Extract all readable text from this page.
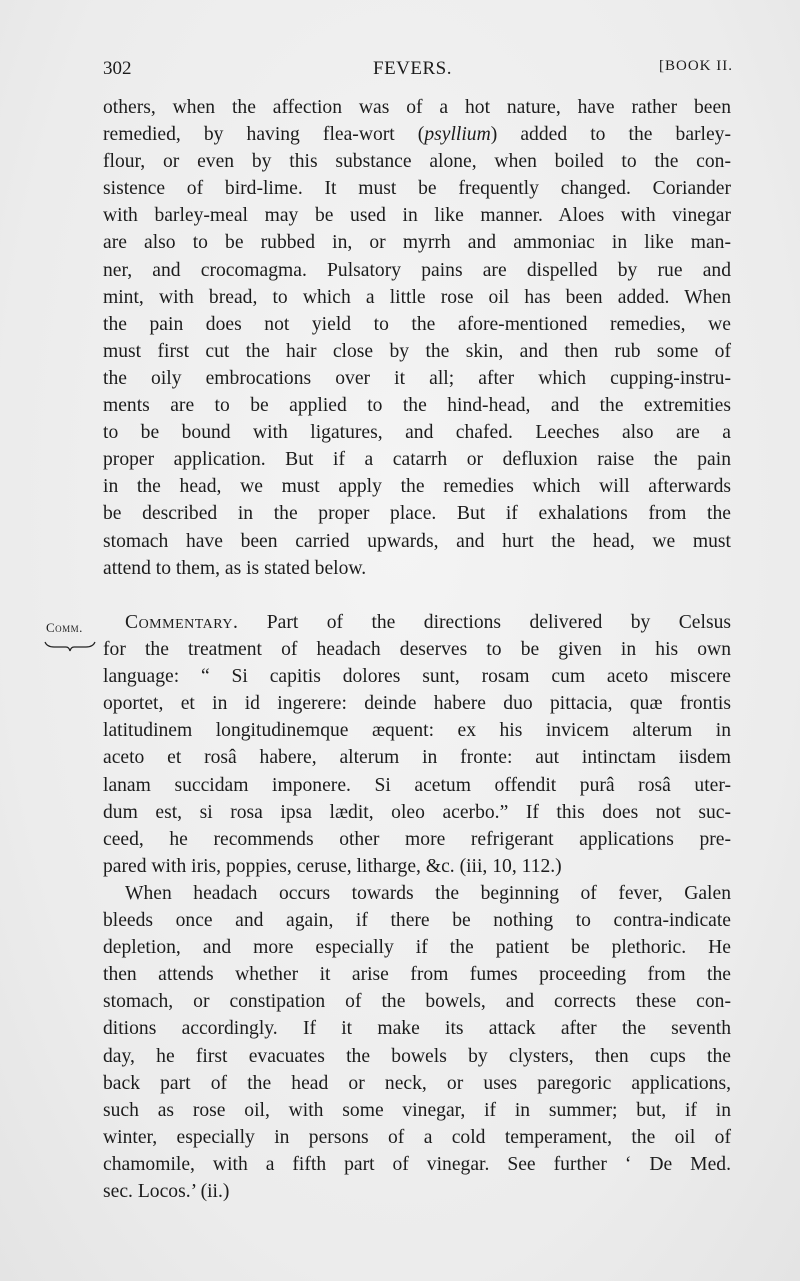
302	FEVERS.	[BOOK II.
others, when the affection was of a hot nature, have rather been
remedied, by having flea-wort (psyllium) added to the barley-
flour, or even by this substance alone, when boiled to the con-
sistence of bird-lime. It must be frequently changed. Coriander
with barley-meal may be used in like manner. Aloes with vinegar
are also to be rubbed in, or myrrh and ammoniac in like man-
ner, and crocomagma. Pulsatory pains are dispelled by rue and
mint, with bread, to which a little rose oil has been added. When
the pain does not yield to the afore-mentioned remedies, we
must first cut the hair close by the skin, and then rub some of
the oily embrocations over it all; after which cupping-instru-
ments are to be applied to the hind-head, and the extremities
to be bound with ligatures, and chafed. Leeches also are a
proper application. But if a catarrh or defluxion raise the pain
in the head, we must apply the remedies which will afterwards
be described in the proper place. But if exhalations from the
stomach have been carried upwards, and hurt the head, we must
attend to them, as is stated below.
Comm.	Commentary. Part of the directions delivered by Celsus
for the treatment of headach deserves to be given in his own
language: “ Si capitis dolores sunt, rosam cum aceto miscere
oportet, et in id ingerere: deinde habere duo pittacia, quæ frontis
latitudinem longitudinemque æquent: ex his invicem alterum in
aceto et rosâ habere, alterum in fronte: aut intinctam iisdem
lanam succidam imponere. Si acetum offendit purâ rosâ uter-
dum est, si rosa ipsa lædit, oleo acerbo.” If this does not suc-
ceed, he recommends other more refrigerant applications pre-
pared with iris, poppies, ceruse, litharge, &c. (iii, 10, 112.)
When headach occurs towards the beginning of fever, Galen
bleeds once and again, if there be nothing to contra-indicate
depletion, and more especially if the patient be plethoric. He
then attends whether it arise from fumes proceeding from the
stomach, or constipation of the bowels, and corrects these con-
ditions accordingly. If it make its attack after the seventh
day, he first evacuates the bowels by clysters, then cups the
back part of the head or neck, or uses paregoric applications,
such as rose oil, with some vinegar, if in summer; but, if in
winter, especially in persons of a cold temperament, the oil of
chamomile, with a fifth part of vinegar. See further ‘ De Med.
sec. Locos.’ (ii.)
